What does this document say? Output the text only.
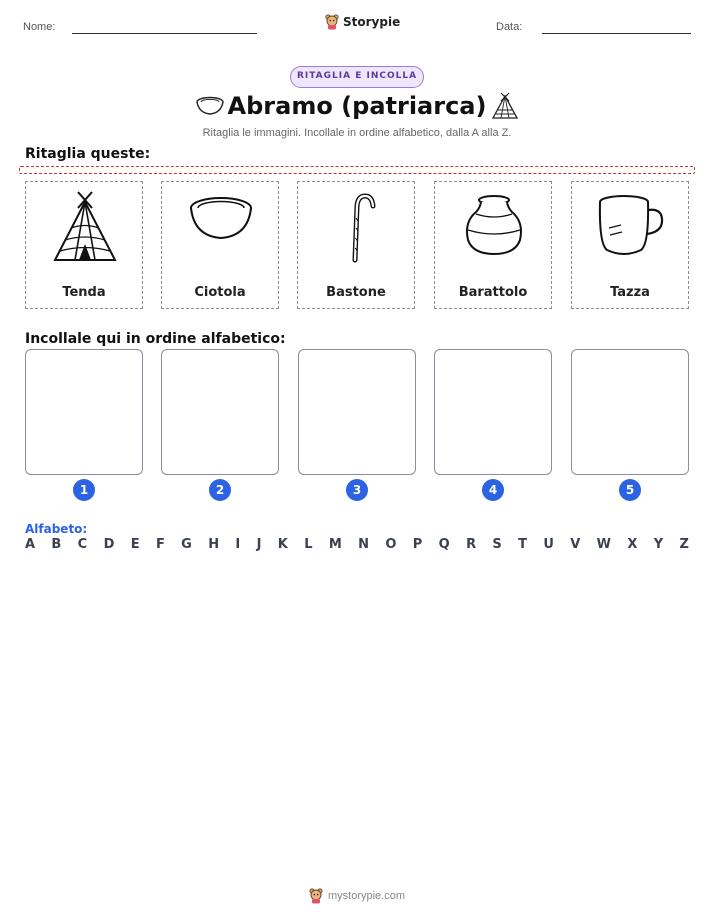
Nome:	Storypie	Data:
RITAGLIA E INCOLLA
Abramo (patriarca)
Ritaglia le immagini. Incollale in ordine alfabetico, dalla A alla Z.
Ritaglia queste:
Tenda	Ciotola	Bastone	Barattolo	Tazza
Incollale qui in ordine alfabetico:
1	2	3	4	5
Alfabeto:
A B C D E F G H I J K L M N O P Q R S T U V W X Y Z
mystorypie.com
